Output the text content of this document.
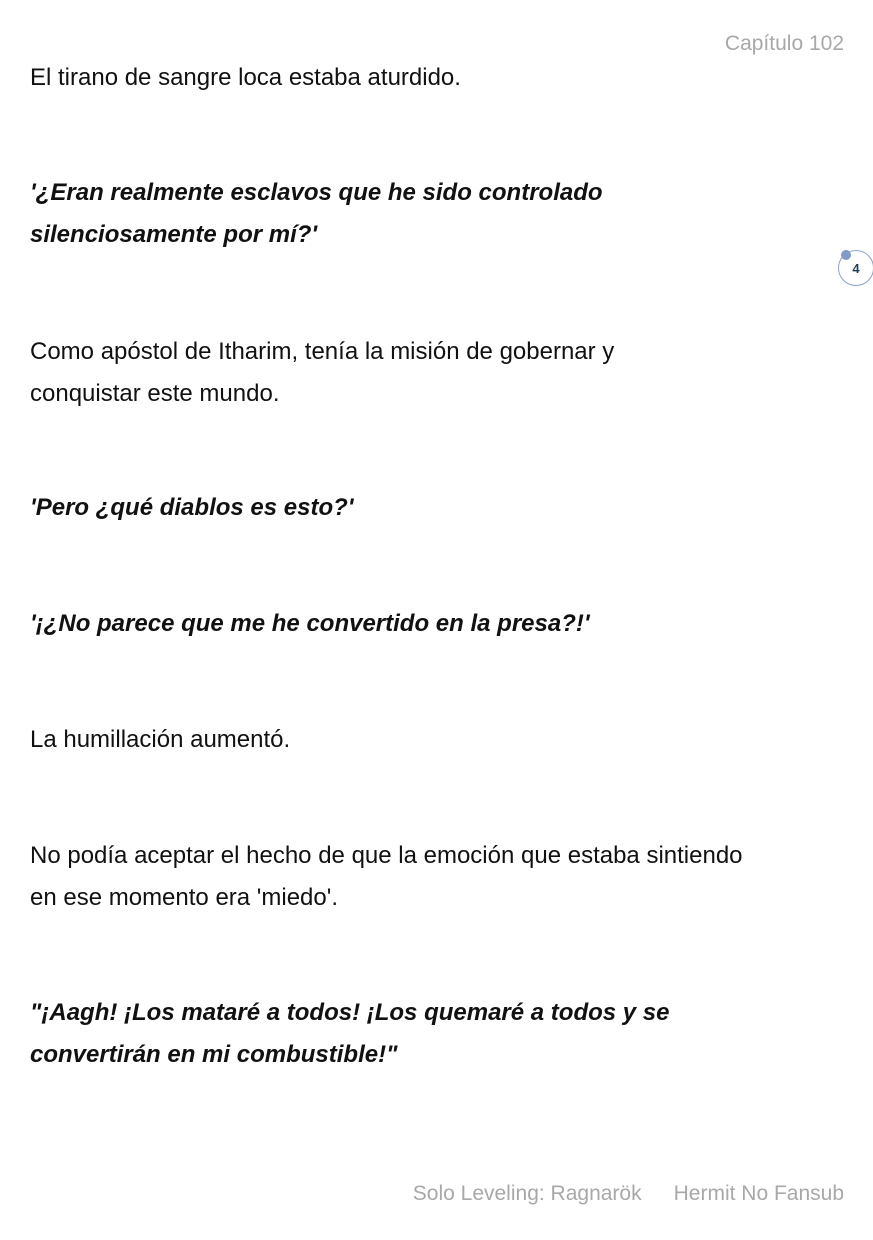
Capítulo 102

El tirano de sangre loca estaba aturdido.

'¿Eran realmente esclavos que he sido controlado silenciosamente por mí?'

Como apóstol de Itharim, tenía la misión de gobernar y conquistar este mundo.

'Pero ¿qué diablos es esto?'

'¡¿No parece que me he convertido en la presa?!'

La humillación aumentó.

No podía aceptar el hecho de que la emoción que estaba sintiendo en ese momento era 'miedo'.

"¡Aagh! ¡Los mataré a todos! ¡Los quemaré a todos y se convertirán en mi combustible!"

4
Solo Leveling: Ragnarök Hermit No Fansub
